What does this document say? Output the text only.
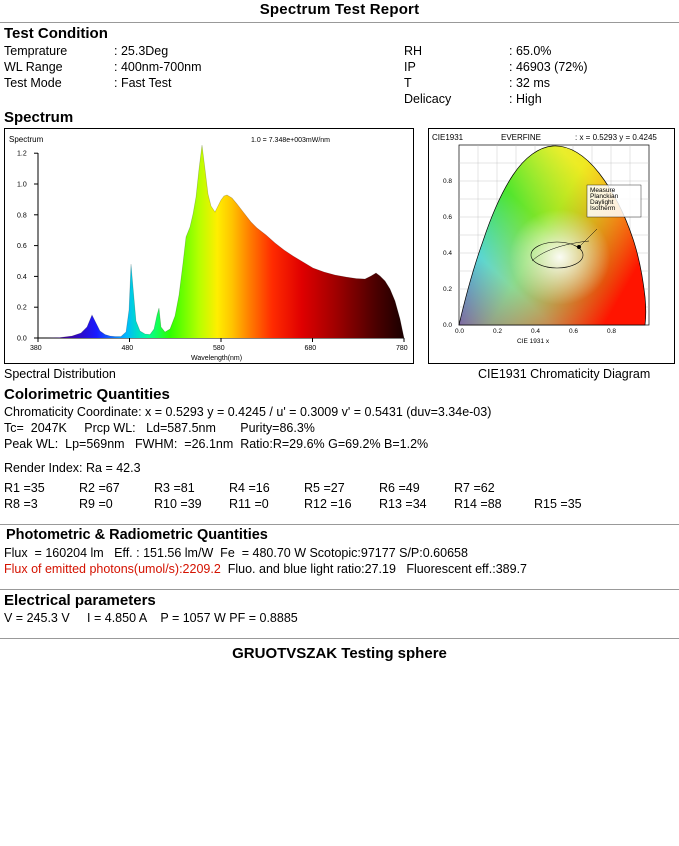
Spectrum Test Report
Test Condition
Temprature	: 25.3Deg	RH	: 65.0%
WL Range	: 400nm-700nm	IP	: 46903 (72%)
Test Mode	: Fast Test	T	: 32 ms
		Delicacy	: High
Spectrum
0.0
0.2
0.4
0.6
0.8
1.0
1.2
380	480	580	680	780
Spectrum
Wavelength(nm)
1.0 = 7.348e+003mW/nm	CIE1931	EVERFINE	: x = 0.5293 y = 0.4245
Measure
Planckian
Daylight
Isotherm
0.0	0.2	0.4	0.6	0.8
0.0
0.2
0.4
0.6
0.8
CIE 1931 x
Spectral Distribution	CIE1931 Chromaticity Diagram
Colorimetric Quantities
Chromaticity Coordinate: x = 0.5293 y = 0.4245 / u' = 0.3009 v' = 0.5431 (duv=3.34e-03)
Tc=  2047K     Prcp WL:   Ld=587.5nm       Purity=86.3%
Peak WL:  Lp=569nm   FWHM:  =26.1nm  Ratio:R=29.6% G=69.2% B=1.2%
Render Index: Ra = 42.3
R1 =35	R2 =67	R3 =81	R4 =16	R5 =27	R6 =49	R7 =62
R8 =3	R9 =0	R10 =39	R11 =0	R12 =16	R13 =34	R14 =88	R15 =35
Photometric & Radiometric Quantities
Flux  = 160204 lm   Eff. : 151.56 lm/W  Fe  = 480.70 W Scotopic:97177 S/P:0.60658
Flux of emitted photons(umol/s):2209.2  Fluo. and blue light ratio:27.19   Fluorescent eff.:389.7
Electrical parameters
V = 245.3 V     I = 4.850 A    P = 1057 W PF = 0.8885
GRUOTVSZAK Testing sphere
